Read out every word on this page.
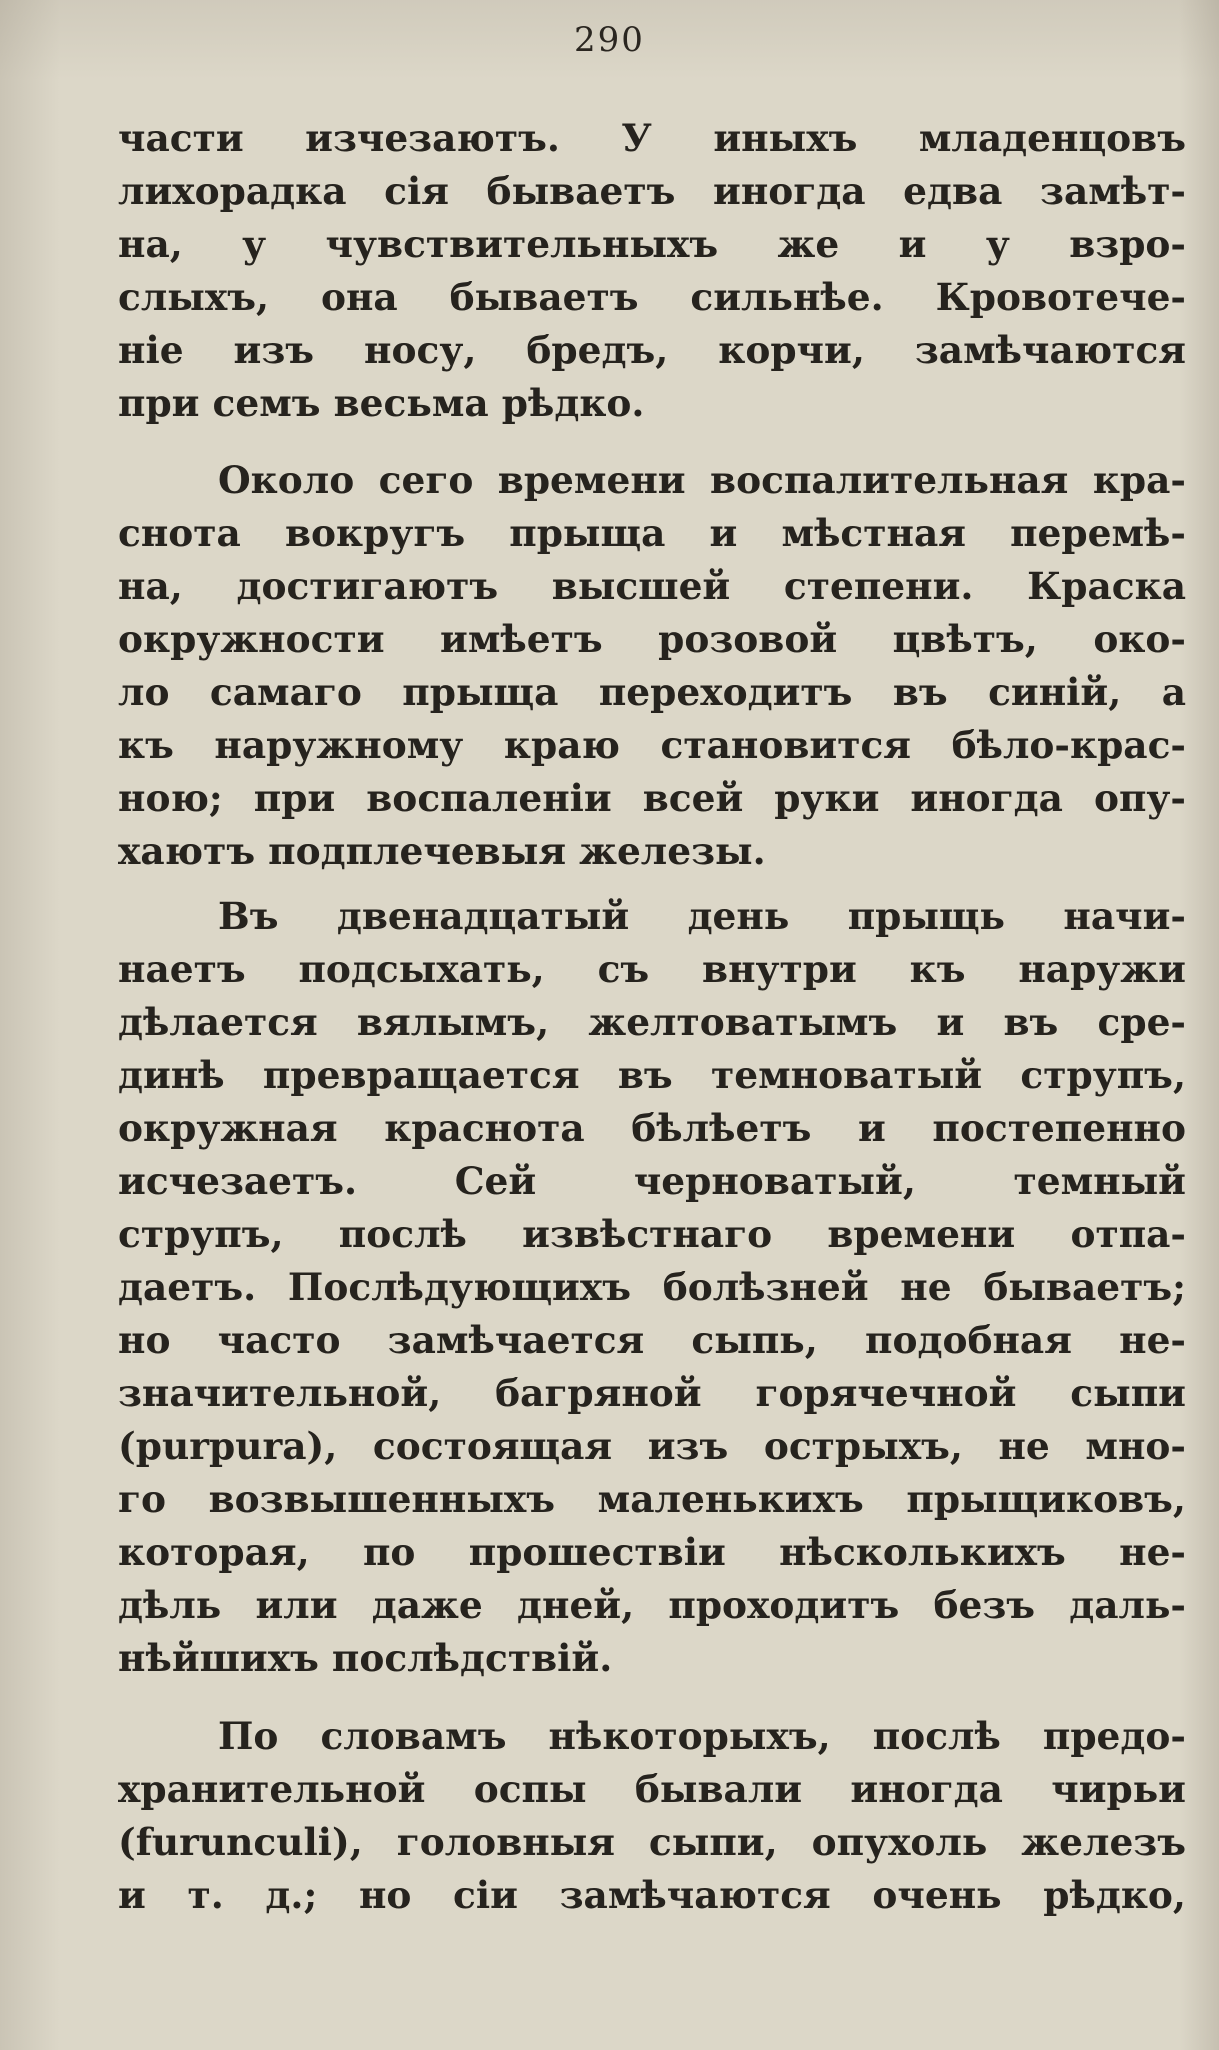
290
части изчезаютъ. У иныхъ младенцовъ
лихорадка сія бываетъ иногда едва замѣт-
на, у чувствительныхъ же и у взро-
слыхъ, она бываетъ сильнѣе. Кровотече-
ніе изъ носу, бредъ, корчи, замѣчаются
при семъ весьма рѣдко.
Около сего времени воспалительная кра-
снота вокругъ прыща и мѣстная перемѣ-
на, достигаютъ высшей степени. Краска
окружности имѣетъ розовой цвѣтъ, око-
ло самаго прыща переходитъ въ синій, а
къ наружному краю становится бѣло-крас-
ною; при воспаленіи всей руки иногда опу-
хаютъ подплечевыя железы.
Въ двенадцатый день прыщь начи-
наетъ подсыхать, съ внутри къ наружи
дѣлается вялымъ, желтоватымъ и въ сре-
динѣ превращается въ темноватый струпъ,
окружная краснота бѣлѣетъ и постепенно
исчезаетъ. Сей черноватый, темный
струпъ, послѣ извѣстнаго времени отпа-
даетъ. Послѣдующихъ болѣзней не бываетъ;
но часто замѣчается сыпь, подобная не-
значительной, багряной горячечной сыпи
(purpura), состоящая изъ острыхъ, не мно-
го возвышенныхъ маленькихъ прыщиковъ,
которая, по прошествіи нѣсколькихъ не-
дѣль или даже дней, проходитъ безъ даль-
нѣйшихъ послѣдствій.
По словамъ нѣкоторыхъ, послѣ предо-
хранительной оспы бывали иногда чирьи
(furunculi), головныя сыпи, опухоль железъ
и т. д.; но сіи замѣчаются очень рѣдко,
